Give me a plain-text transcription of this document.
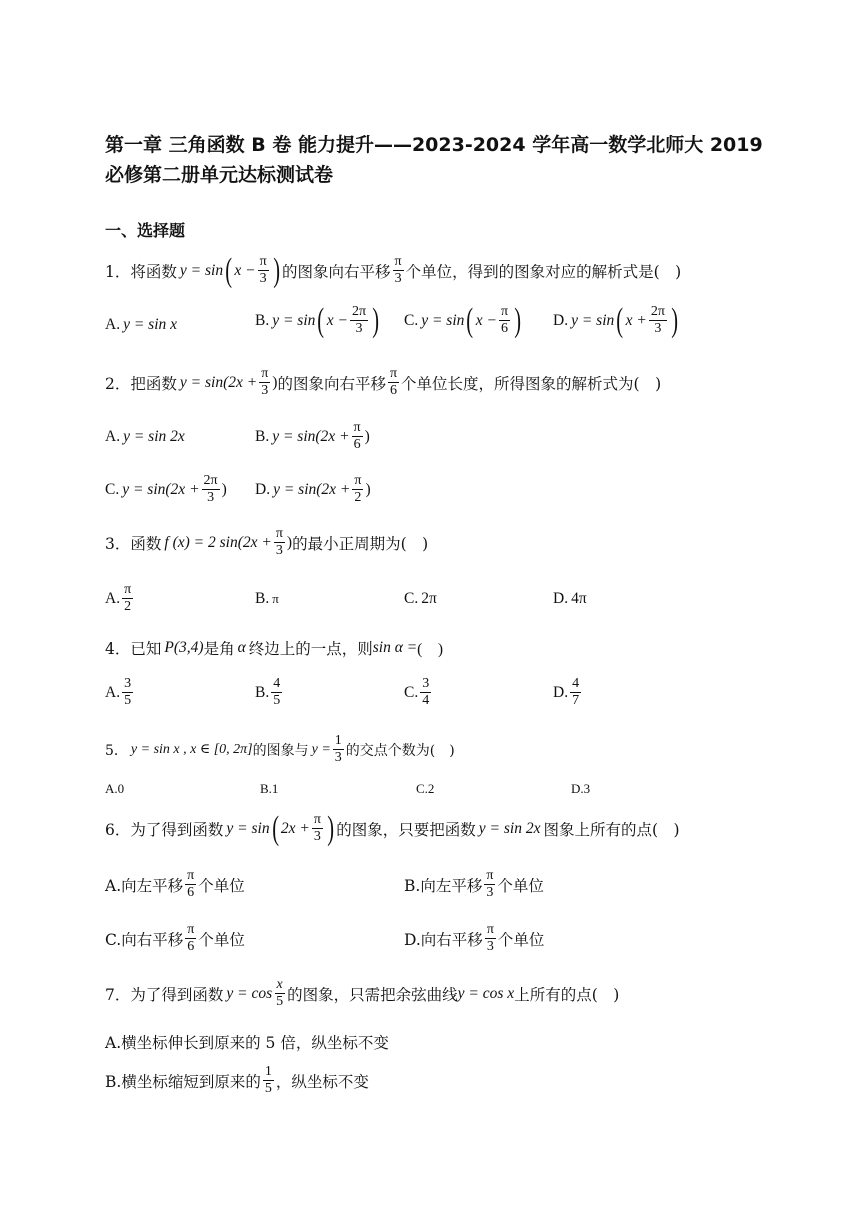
第一章 三角函数 B 卷 能力提升——2023-2024 学年高一数学北师大 2019 必修第二册单元达标测试卷
一、选择题
1． 将函数 y = sin ( $x - \frac{\pi}{3}$ ) 的图象向右平移 $\frac{\pi}{3}$ 个单位，得到的图象对应的解析式是(　)
A. y = sin x	B. y = sin ( $x - \frac{2\pi}{3}$ ) C. y = sin ( $x - \frac{\pi}{6}$ ) D. y = sin ( $x + \frac{2\pi}{3}$ )
2． 把函数 $y = \sin(2x + \frac{\pi}{3}$ ) 的图象向右平移 $\frac{\pi}{6}$ 个单位长度，所得图象的解析式为(　)
A. y = sin 2x	B. $y = \sin(2x + \frac{\pi}{6}$ )
C. $y = \sin(2x + \frac{2\pi}{3}$ ) D. $y = \sin(2x + \frac{\pi}{2}$ )
3． 函数 f (x) = 2 $\sin(2x + \frac{\pi}{3}$ ) 的最小正周期为(　)
A. $\frac{\pi}{2}$	B. π	C. 2π	D. 4π
4． 已知 P(3,4) 是角 α 终边上的一点，则 sin α = (　)
A. $\frac{3}{5}$	B. $\frac{4}{5}$	C. $\frac{3}{4}$	D. $\frac{4}{7}$
5． y = sin x , x ∈ [0, 2π] 的图象与 $y = \frac{1}{3}$ 的交点个数为(　)
A.0	B.1	C.2	D.3
6． 为了得到函数 y = sin ( $2x + \frac{\pi}{3}$ ) 的图象，只要把函数 y = sin 2x 图象上所有的点(　)
A.向左平移 $\frac{\pi}{6}$ 个单位	B.向左平移 $\frac{\pi}{3}$ 个单位
C.向右平移 $\frac{\pi}{6}$ 个单位	D.向右平移 $\frac{\pi}{3}$ 个单位
7． 为了得到函数 $y = \cos \frac{x}{5}$ 的图象，只需把余弦曲线 y = cos x 上所有的点(　)
A.横坐标伸长到原来的 5 倍，纵坐标不变
B.横坐标缩短到原来的 $\frac{1}{5}$ ，纵坐标不变
